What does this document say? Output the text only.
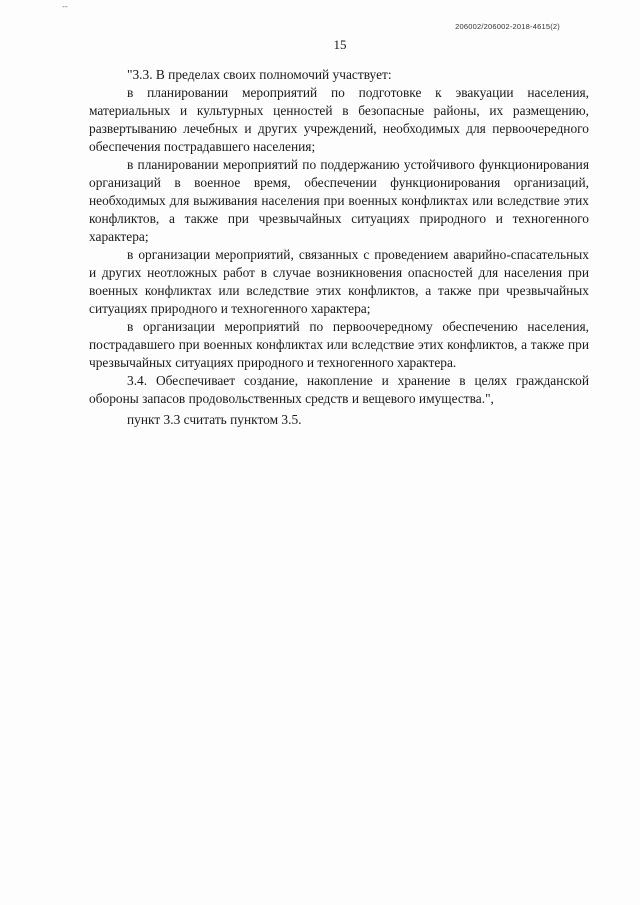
--
206002/206002-2018-4615(2)
15

"3.3. В пределах своих полномочий участвует:

в планировании мероприятий по подготовке к эвакуации населения, материальных и культурных ценностей в безопасные районы, их размещению, развертыванию лечебных и других учреждений, необходимых для первоочередного обеспечения пострадавшего населения;

в планировании мероприятий по поддержанию устойчивого функционирования организаций в военное время, обеспечении функционирования организаций, необходимых для выживания населения при военных конфликтах или вследствие этих конфликтов, а также при чрезвычайных ситуациях природного и техногенного характера;

в организации мероприятий, связанных с проведением аварийно-спасательных и других неотложных работ в случае возникновения опасностей для населения при военных конфликтах или вследствие этих конфликтов, а также при чрезвычайных ситуациях природного и техногенного характера;

в организации мероприятий по первоочередному обеспечению населения, пострадавшего при военных конфликтах или вследствие этих конфликтов, а также при чрезвычайных ситуациях природного и техногенного характера.

3.4. Обеспечивает создание, накопление и хранение в целях гражданской обороны запасов продовольственных средств и вещевого имущества.",

пункт 3.3 считать пунктом 3.5.
